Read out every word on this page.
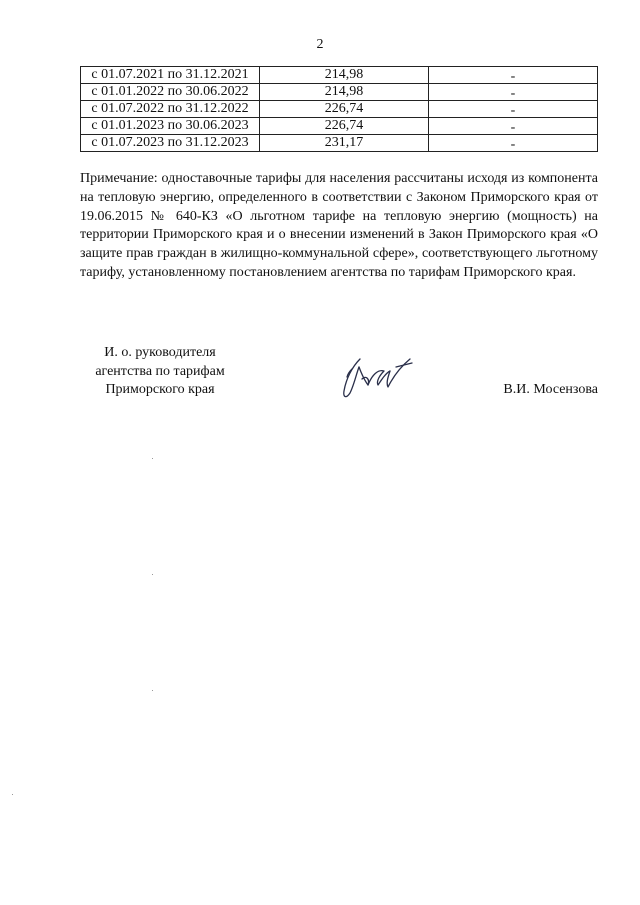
2
с 01.07.2021 по 31.12.2021	214,98	-
с 01.01.2022 по 30.06.2022	214,98	-
с 01.07.2022 по 31.12.2022	226,74	-
с 01.01.2023 по 30.06.2023	226,74	-
с 01.07.2023 по 31.12.2023	231,17	-

Примечание: одноставочные тарифы для населения рассчитаны исходя из компонента на тепловую энергию, определенного в соответствии с Законом Приморского края от 19.06.2015 № 640-КЗ «О льготном тарифе на тепловую энергию (мощность) на территории Приморского края и о внесении изменений в Закон Приморского края «О защите прав граждан в жилищно-коммунальной сфере», соответствующего льготному тарифу, установленному постановлением агентства по тарифам Приморского края.

И. о. руководителя
агентства по тарифам
Приморского края	В.И. Мосензова
